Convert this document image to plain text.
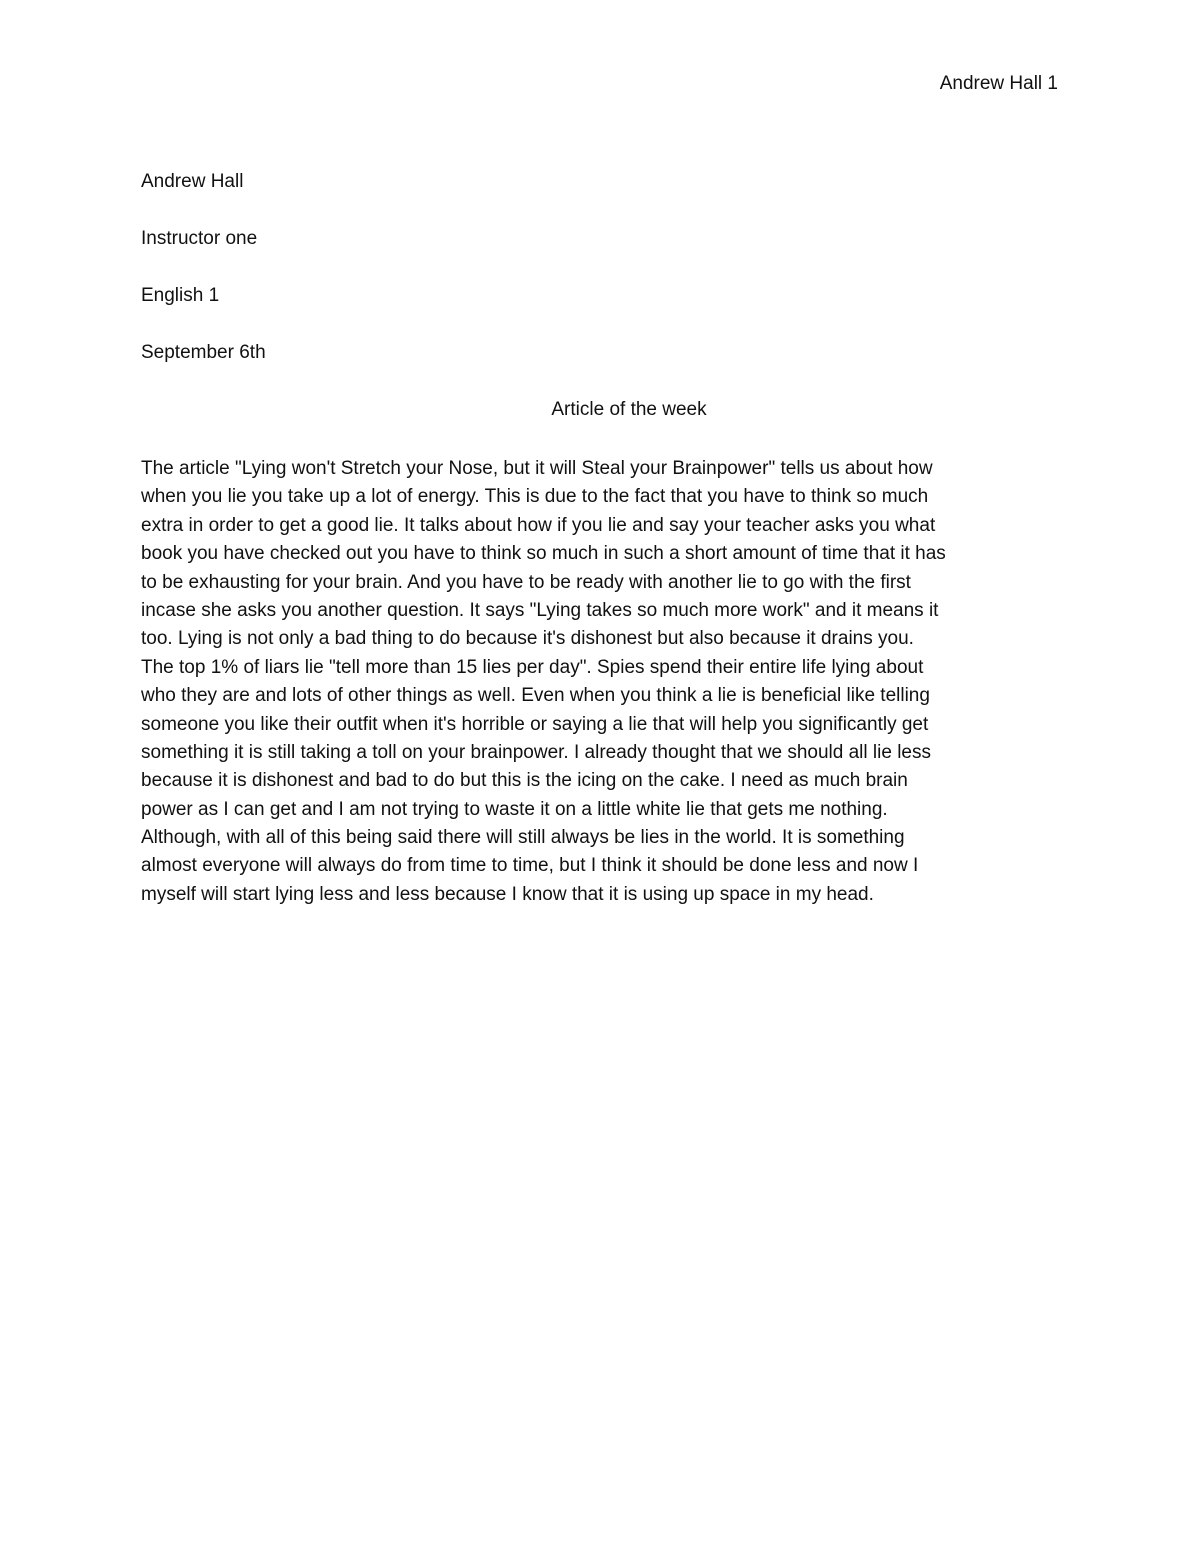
Andrew Hall 1
Andrew Hall
Instructor one
English 1
September 6th
Article of the week
The article "Lying won't Stretch your Nose, but it will Steal your Brainpower" tells us about how
when you lie you take up a lot of energy. This is due to the fact that you have to think so much
extra in order to get a good lie. It talks about how if you lie and say your teacher asks you what
book you have checked out you have to think so much in such a short amount of time that it has
to be exhausting for your brain. And you have to be ready with another lie to go with the first
incase she asks you another question. It says "Lying takes so much more work" and it means it
too. Lying is not only a bad thing to do because it's dishonest but also because it drains you.
The top 1% of liars lie "tell more than 15 lies per day". Spies spend their entire life lying about
who they are and lots of other things as well. Even when you think a lie is beneficial like telling
someone you like their outfit when it's horrible or saying a lie that will help you significantly get
something it is still taking a toll on your brainpower. I already thought that we should all lie less
because it is dishonest and bad to do but this is the icing on the cake. I need as much brain
power as I can get and I am not trying to waste it on a little white lie that gets me nothing.
Although, with all of this being said there will still always be lies in the world. It is something
almost everyone will always do from time to time, but I think it should be done less and now I
myself will start lying less and less because I know that it is using up space in my head.
